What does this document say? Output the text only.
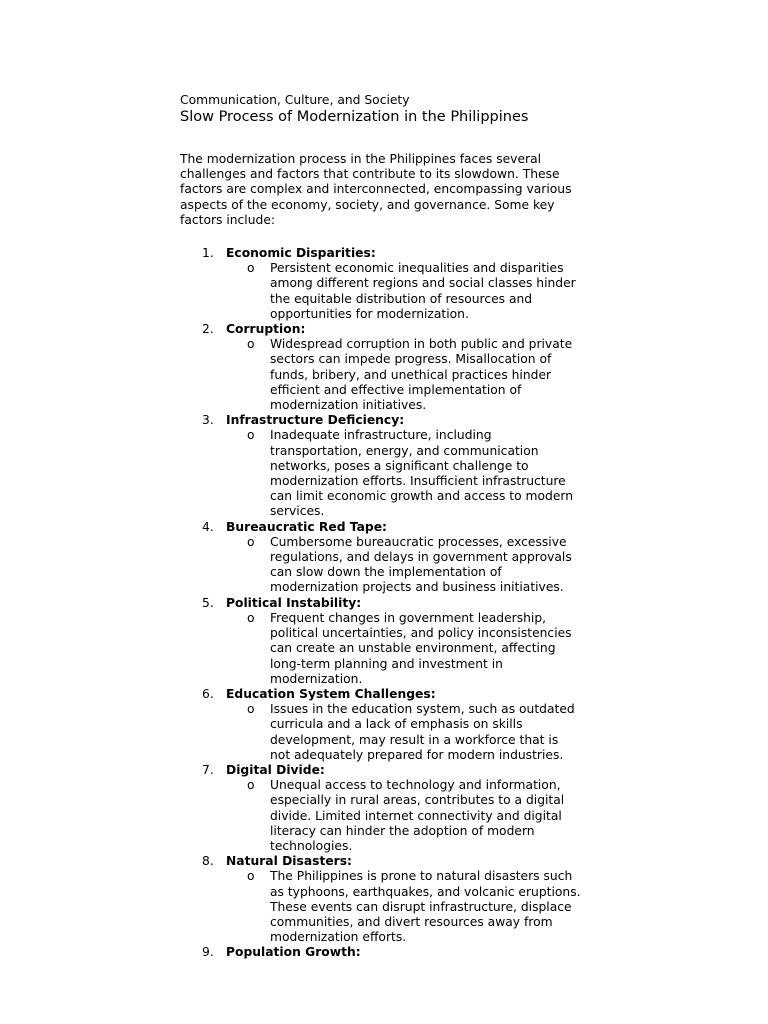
Communication, Culture, and Society

Slow Process of Modernization in the Philippines

The modernization process in the Philippines faces several challenges and factors that contribute to its slowdown. These factors are complex and interconnected, encompassing various aspects of the economy, society, and governance. Some key factors include:

1. Economic Disparities:
o Persistent economic inequalities and disparities among different regions and social classes hinder the equitable distribution of resources and opportunities for modernization.
2. Corruption:
o Widespread corruption in both public and private sectors can impede progress. Misallocation of funds, bribery, and unethical practices hinder efficient and effective implementation of modernization initiatives.
3. Infrastructure Deficiency:
o Inadequate infrastructure, including transportation, energy, and communication networks, poses a significant challenge to modernization efforts. Insufficient infrastructure can limit economic growth and access to modern services.
4. Bureaucratic Red Tape:
o Cumbersome bureaucratic processes, excessive regulations, and delays in government approvals can slow down the implementation of modernization projects and business initiatives.
5. Political Instability:
o Frequent changes in government leadership, political uncertainties, and policy inconsistencies can create an unstable environment, affecting long-term planning and investment in modernization.
6. Education System Challenges:
o Issues in the education system, such as outdated curricula and a lack of emphasis on skills development, may result in a workforce that is not adequately prepared for modern industries.
7. Digital Divide:
o Unequal access to technology and information, especially in rural areas, contributes to a digital divide. Limited internet connectivity and digital literacy can hinder the adoption of modern technologies.
8. Natural Disasters:
o The Philippines is prone to natural disasters such as typhoons, earthquakes, and volcanic eruptions. These events can disrupt infrastructure, displace communities, and divert resources away from modernization efforts.
9. Population Growth:
